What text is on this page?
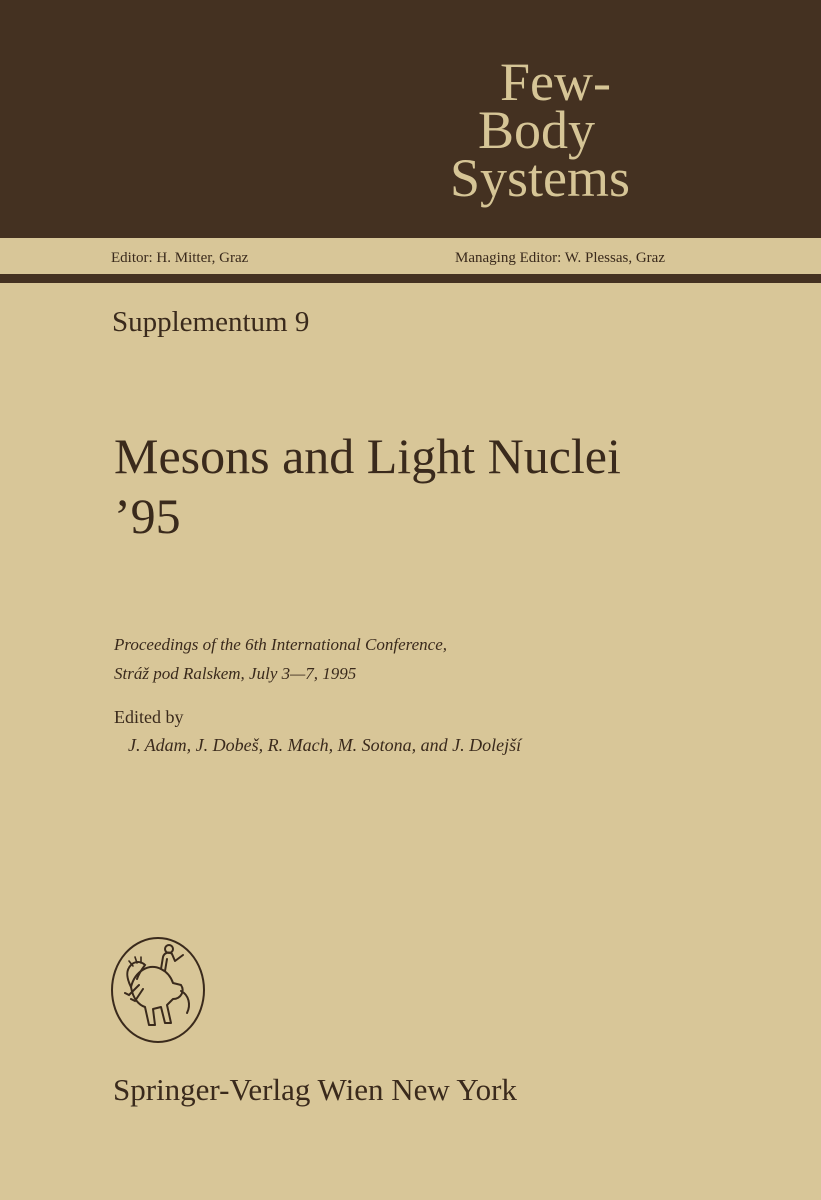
Few-
Body
Systems
Editor: H. Mitter, Graz	Managing Editor: W. Plessas, Graz
Supplementum 9
Mesons and Light Nuclei
’95
Proceedings of the 6th International Conference,
Stráž pod Ralskem, July 3—7, 1995
Edited by
J. Adam, J. Dobeš, R. Mach, M. Sotona, and J. Dolejší
Springer-Verlag Wien New York
